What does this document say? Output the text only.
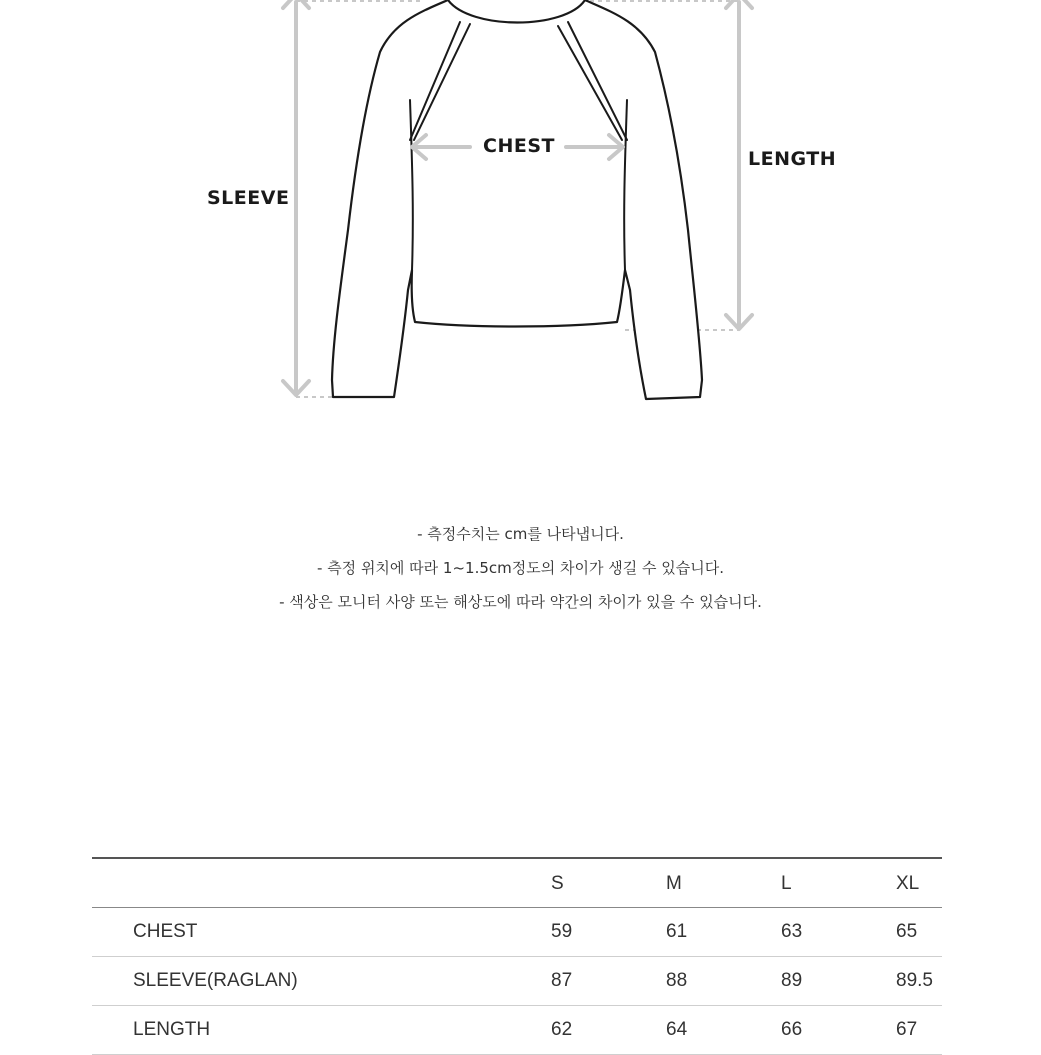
CHEST
SLEEVE
LENGTH

- 측정수치는 cm를 나타냅니다.

- 측정 위치에 따라 1~1.5cm정도의 차이가 생길 수 있습니다.

- 색상은 모니터 사양 또는 해상도에 따라 약간의 차이가 있을 수 있습니다.

	S	M	L	XL
CHEST	59	61	63	65
SLEEVE(RAGLAN)	87	88	89	89.5
LENGTH	62	64	66	67
